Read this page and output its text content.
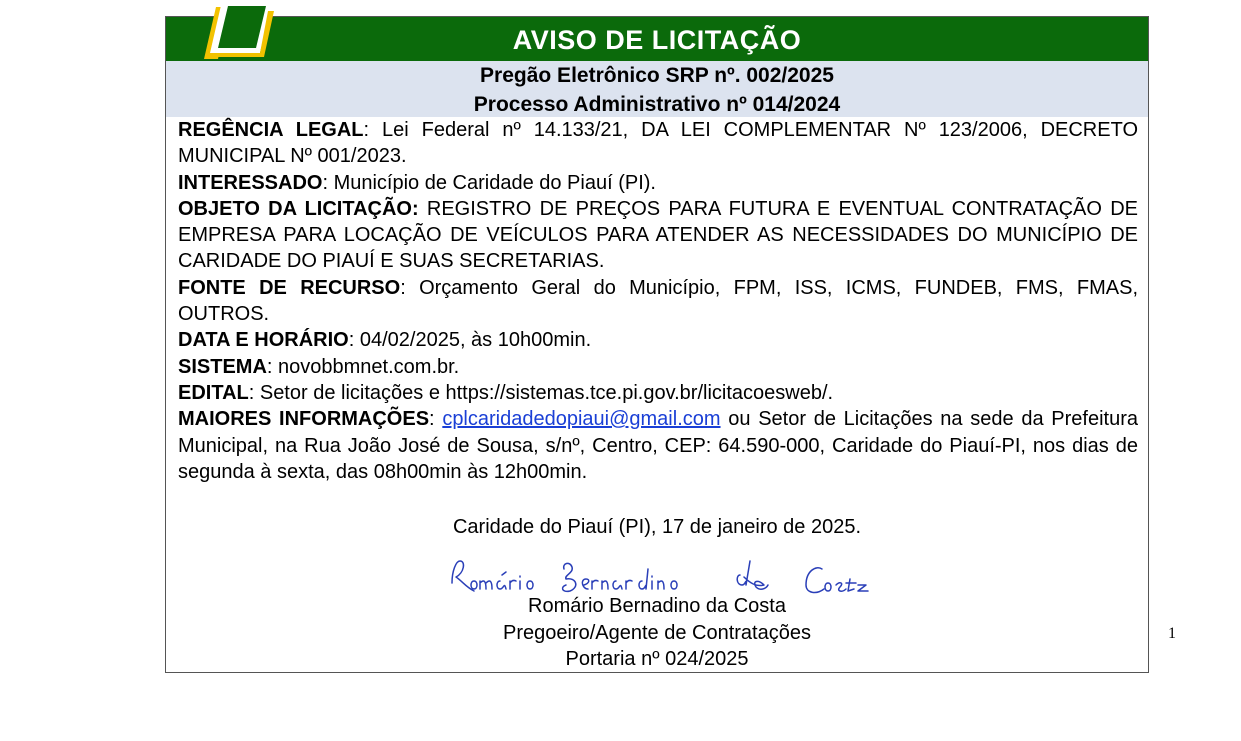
AVISO DE LICITAÇÃO
Pregão Eletrônico SRP nº. 002/2025
Processo Administrativo nº 014/2024

REGÊNCIA LEGAL: Lei Federal nº 14.133/21, DA LEI COMPLEMENTAR Nº 123/2006, DECRETO MUNICIPAL Nº 001/2023.

INTERESSADO: Município de Caridade do Piauí (PI).

OBJETO DA LICITAÇÃO: REGISTRO DE PREÇOS PARA FUTURA E EVENTUAL CONTRATAÇÃO DE EMPRESA PARA LOCAÇÃO DE VEÍCULOS PARA ATENDER AS NECESSIDADES DO MUNICÍPIO DE CARIDADE DO PIAUÍ E SUAS SECRETARIAS.

FONTE DE RECURSO: Orçamento Geral do Município, FPM, ISS, ICMS, FUNDEB, FMS, FMAS, OUTROS.

DATA E HORÁRIO: 04/02/2025, às 10h00min.

SISTEMA: novobbmnet.com.br.

EDITAL: Setor de licitações e https://sistemas.tce.pi.gov.br/licitacoesweb/.

MAIORES INFORMAÇÕES: cplcaridadedopiaui@gmail.com ou Setor de Licitações na sede da Prefeitura Municipal, na Rua João José de Sousa, s/nº, Centro, CEP: 64.590-000, Caridade do Piauí-PI, nos dias de segunda à sexta, das 08h00min às 12h00min.

Caridade do Piauí (PI), 17 de janeiro de 2025.
Romário Bernadino da Costa
Pregoeiro/Agente de Contratações
Portaria nº 024/2025
1
